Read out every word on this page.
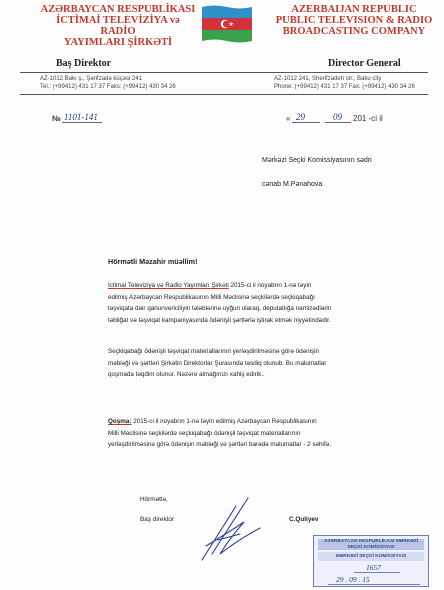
AZƏRBAYCAN RESPUBLİKASI
İCTİMAİ TELEVİZİYA və RADİO
YAYIMLARI ŞİRKƏTİ
AZERBAIJAN REPUBLIC
PUBLIC TELEVISION & RADIO
BROADCASTING COMPANY
Baş Direktor	Director General
AZ-1012 Bakı ş., Şərifzadə küçəsi 241
Tel.: (+99412) 431 17 37 Faks: (+99412) 430 34 26
AZ-1012 241, Sherifzadeh str., Baku city
Phone: (+99412) 431 17 37 Fax: (+99412) 430 34 26
№ 1101-141	« 29	09 201 -ci il
Mərkəzi Seçki Komissiyasının sədri
cənab M.Pənahova
Hörmətli Məzahir müəllim!
İctimai Televiziya və Radio Yayımları Şirkəti 2015-ci il noyabrın 1-nə təyin
edilmiş Azərbaycan Respublikasının Milli Məclisinə seçkilərdə seçkiqabağı
təşviqata dair qanunvericiliyin tələblərinə uyğun olaraq, deputatlığa namizədlərin
təbliğat və təşviqat kampaniyasında ödənişli şərtlərlə iştirak etmək niyyətindədir.
Seçkiqabağı ödənişli təşviqat materiallarının yerləşdirilməsinə görə ödənişin
məbləği və şərtləri Şirkətin Direktorlar Şurasında təsdiq olunub. Bu malumatlar
qoşmada təqdim olunur. Nəzərə almağınızı xahiş edirik..
Qoşma: 2015-ci il noyabrın 1-nə təyin edilmiş Azərbaycan Respublikasının
Milli Məclisinə seçkilərdə seçkiqabağı ödənişli təşviqat materiallarının
yerləşdirilməsinə görə ödənişin məbləği və şərtləri barədə malumatlar - 2 səhifə.
Hörmətlə,
Baş direktor	C.Quliyev
AZƏRBAYCAN RESPUBLİKASI MƏRKƏZİ SEÇKİ KOMİSSİYASI
MƏRKƏZİ SEÇKİ KOMİSSİYASI
1657
29 . 09 . 15
